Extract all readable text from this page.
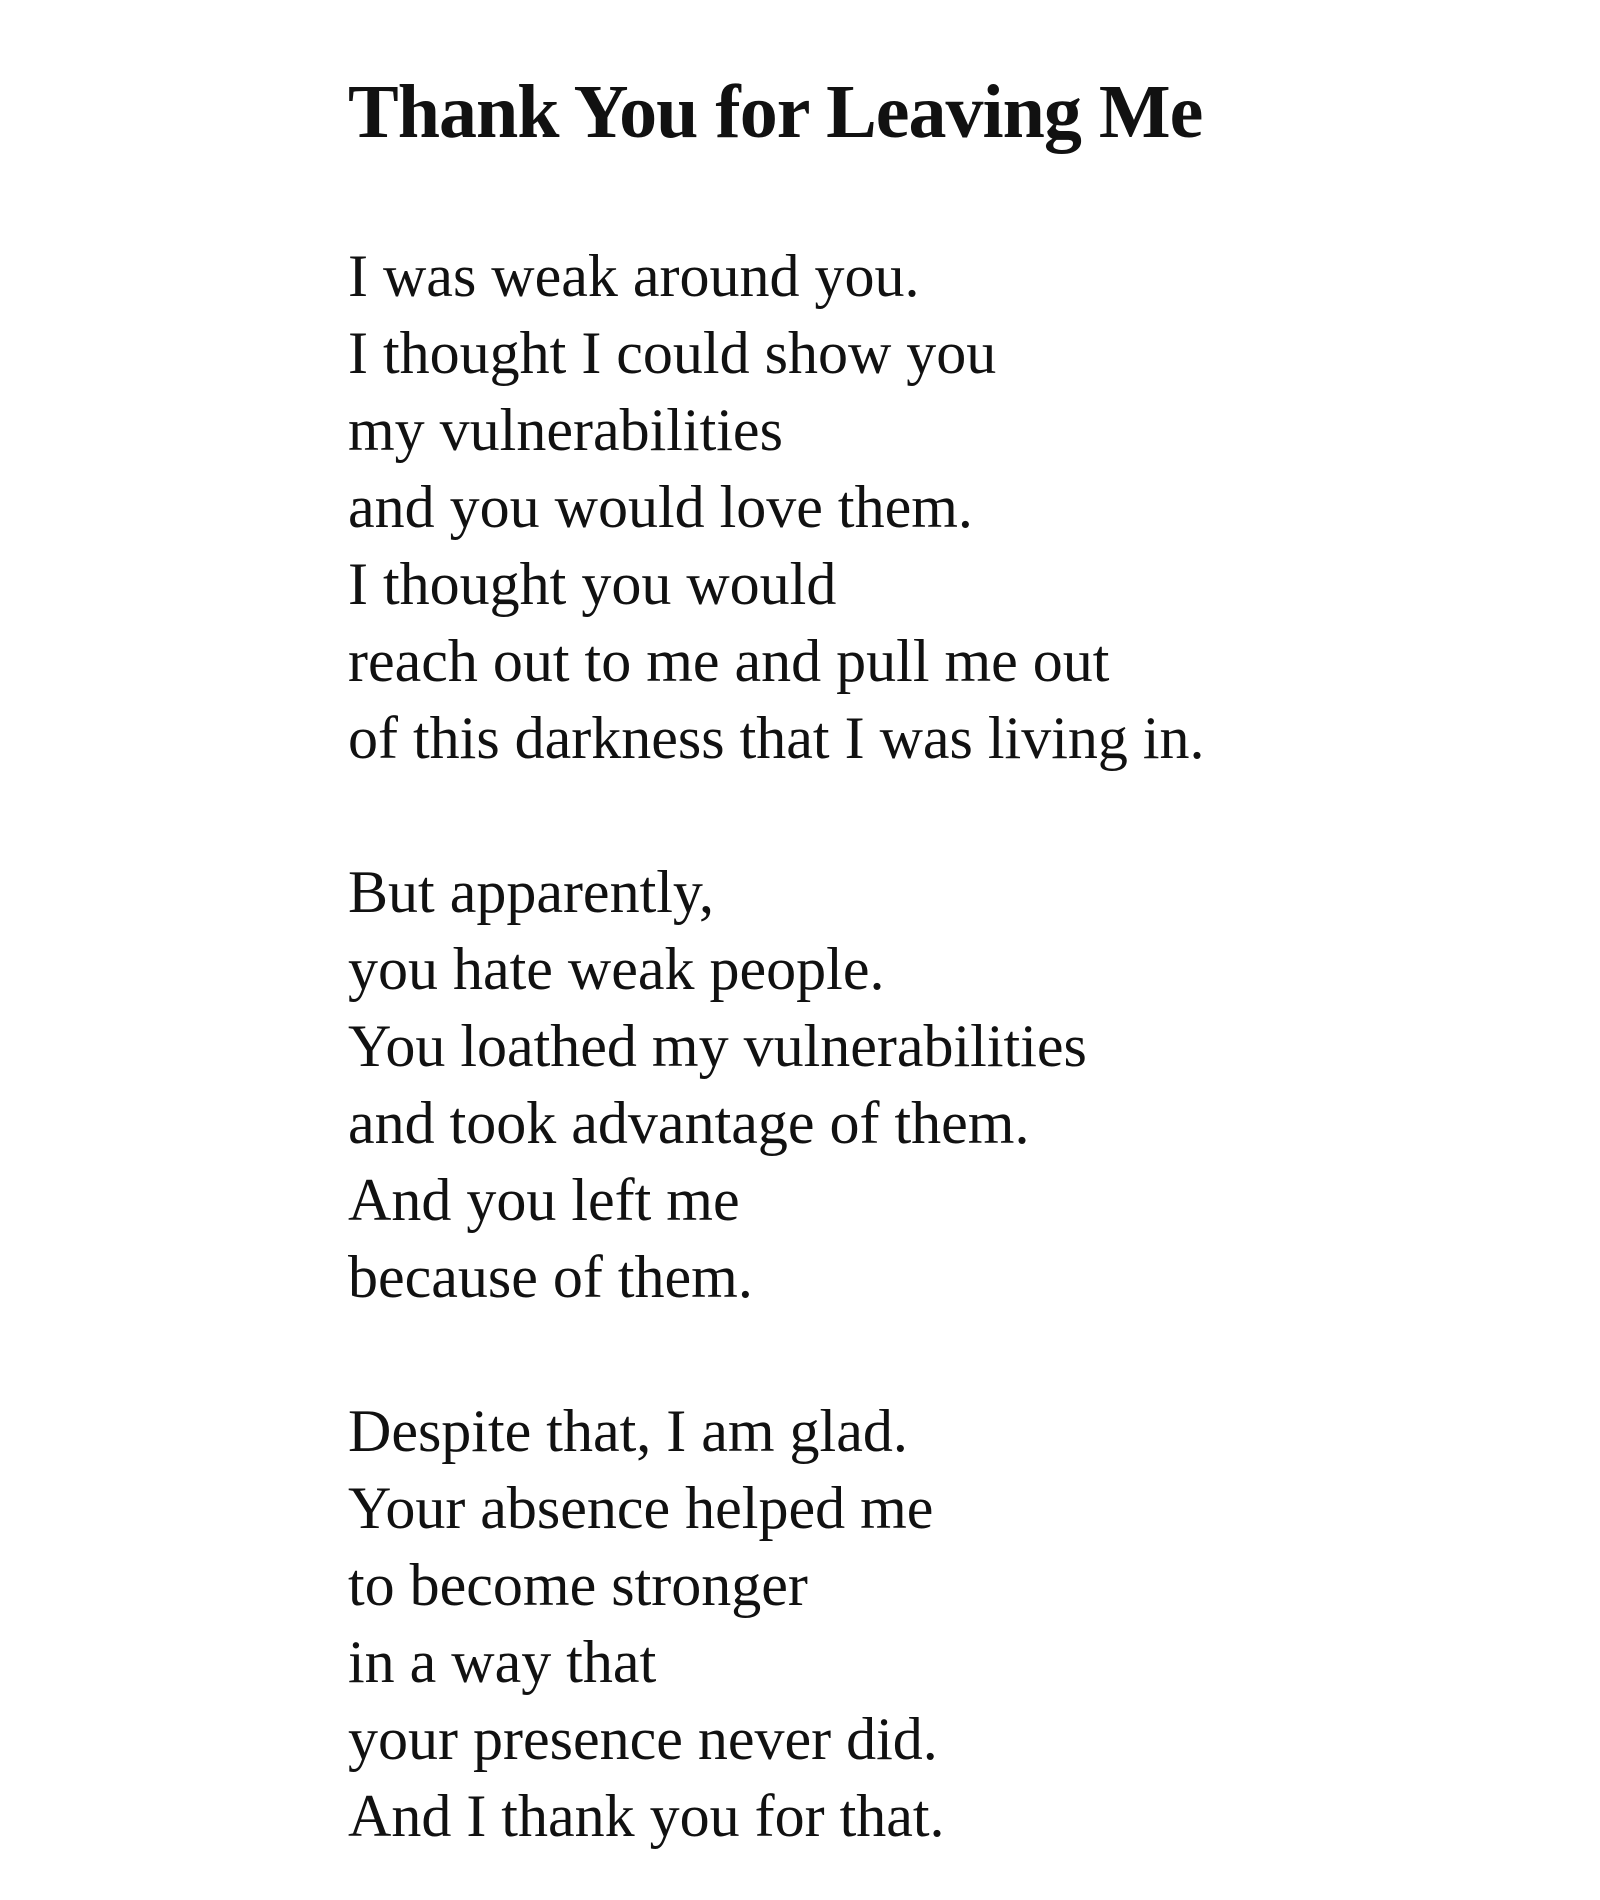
Thank You for Leaving Me

I was weak around you.
I thought I could show you
my vulnerabilities
and you would love them.
I thought you would
reach out to me and pull me out
of this darkness that I was living in.

But apparently,
you hate weak people.
You loathed my vulnerabilities
and took advantage of them.
And you left me
because of them.

Despite that, I am glad.
Your absence helped me
to become stronger
in a way that
your presence never did.
And I thank you for that.
